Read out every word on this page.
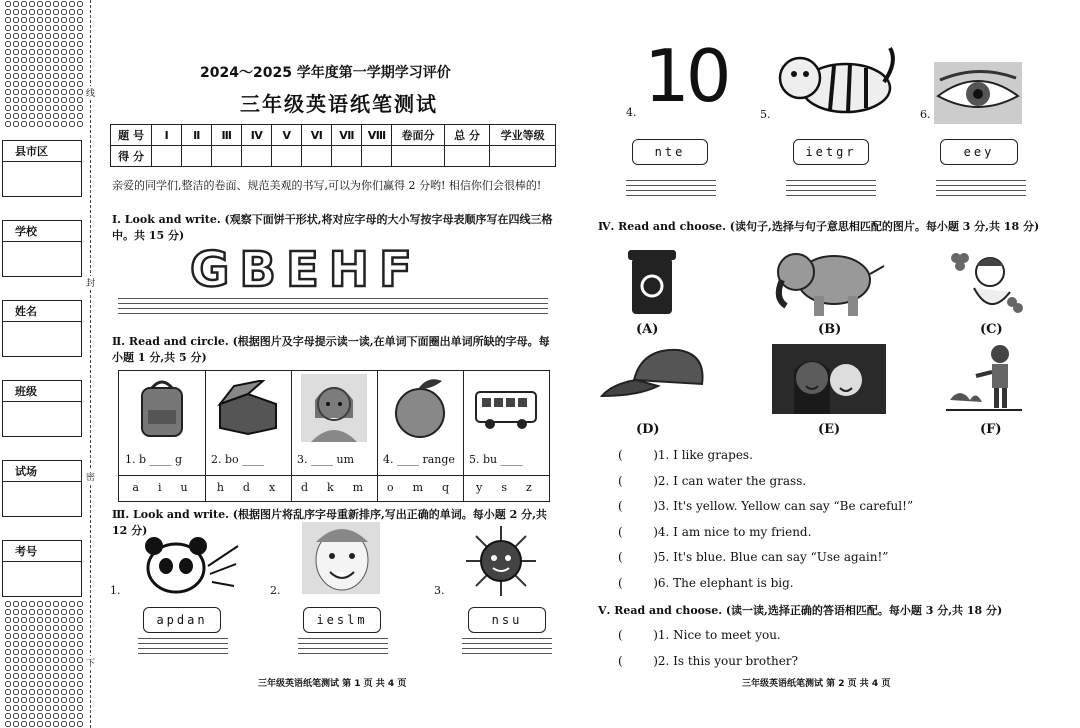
县市区
学校
姓名
班级
试场
考号
线
封
密
下
2024～2025 学年度第一学期学习评价
三年级英语纸笔测试
题 号	Ⅰ	Ⅱ	Ⅲ	Ⅳ	Ⅴ	Ⅵ	Ⅶ	Ⅷ	卷面分	总 分	学业等级
得 分											
亲爱的同学们,整洁的卷面、规范美观的书写,可以为你们赢得 2 分哟! 相信你们会很棒的!
Ⅰ. Look and write. (观察下面饼干形状,将对应字母的大小写按字母表顺序写在四线三格中。共 15 分)
GBEHF
Ⅱ. Read and circle. (根据图片及字母提示读一读,在单词下面圈出单词所缺的字母。每小题 1 分,共 5 分)
1. b ____ g
a  i  u
2. bo ____
h  d  x
3. ____ um
d  k  m
4. ____ range
o  m  q
5. bu ____
y  s  z
Ⅲ. Look and write. (根据图片将乱序字母重新排序,写出正确的单词。每小题 2 分,共 12 分)
1.
apdan
2.
ieslm
3.
nsu
三年级英语纸笔测试 第 1 页 共 4 页
4. 10
nte
5.
ietgr
6.
eey
Ⅳ. Read and choose. (读句子,选择与句子意思相匹配的图片。每小题 3 分,共 18 分)
(A)	(B)	(C)
(D)	(E)	(F)
(        )1. I like grapes.
(        )2. I can water the grass.
(        )3. It's yellow. Yellow can say “Be careful!”
(        )4. I am nice to my friend.
(        )5. It's blue. Blue can say “Use again!”
(        )6. The elephant is big.
Ⅴ. Read and choose. (读一读,选择正确的答语相匹配。每小题 3 分,共 18 分)
(        )1. Nice to meet you.
(        )2. Is this your brother?
三年级英语纸笔测试 第 2 页 共 4 页
